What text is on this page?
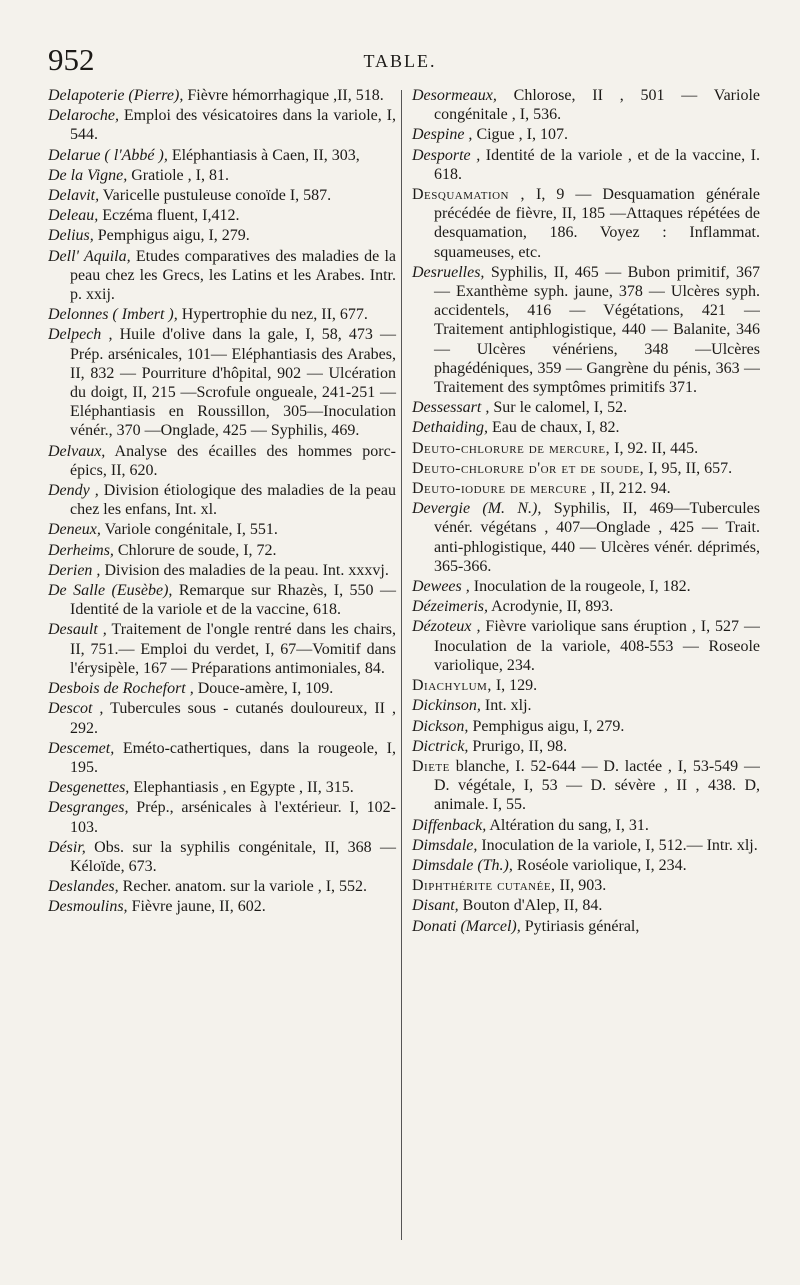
952	TABLE.

Delapoterie (Pierre), Fièvre hémorrhagique ,II, 518.

Delaroche, Emploi des vésicatoires dans la variole, I, 544.

Delarue ( l'Abbé ), Eléphantiasis à Caen, II, 303,

De la Vigne, Gratiole , I, 81.

Delavit, Varicelle pustuleuse conoïde I, 587.

Deleau, Eczéma fluent, I,412.

Delius, Pemphigus aigu, I, 279.

Dell' Aquila, Etudes comparatives des maladies de la peau chez les Grecs, les Latins et les Arabes. Intr. p. xxij.

Delonnes ( Imbert ), Hypertrophie du nez, II, 677.

Delpech , Huile d'olive dans la gale, I, 58, 473 — Prép. arsénicales, 101— Eléphantiasis des Arabes, II, 832 — Pourriture d'hôpital, 902 — Ulcération du doigt, II, 215 —Scrofule ongueale, 241-251 — Eléphantiasis en Roussillon, 305—Inoculation vénér., 370 —Onglade, 425 — Syphilis, 469.

Delvaux, Analyse des écailles des hommes porc-épics, II, 620.

Dendy , Division étiologique des maladies de la peau chez les enfans, Int. xl.

Deneux, Variole congénitale, I, 551.

Derheims, Chlorure de soude, I, 72.

Derien , Division des maladies de la peau. Int. xxxvj.

De Salle (Eusèbe), Remarque sur Rhazès, I, 550 — Identité de la variole et de la vaccine, 618.

Desault , Traitement de l'ongle rentré dans les chairs, II, 751.— Emploi du verdet, I, 67—Vomitif dans l'érysipèle, 167 — Préparations antimoniales, 84.

Desbois de Rochefort , Douce-amère, I, 109.

Descot , Tubercules sous - cutanés douloureux, II , 292.

Descemet, Eméto-cathertiques, dans la rougeole, I, 195.

Desgenettes, Elephantiasis , en Egypte , II, 315.

Desgranges, Prép., arsénicales à l'extérieur. I, 102-103.

Désir, Obs. sur la syphilis congénitale, II, 368 — Kéloïde, 673.

Deslandes, Recher. anatom. sur la variole , I, 552.

Desmoulins, Fièvre jaune, II, 602.

Desormeaux, Chlorose, II , 501 — Variole congénitale , I, 536.

Despine , Cigue , I, 107.

Desporte , Identité de la variole , et de la vaccine, I. 618.

Desquamation , I, 9 — Desquamation générale précédée de fièvre, II, 185 —Attaques répétées de desquamation, 186. Voyez : Inflammat. squameuses, etc.

Desruelles, Syphilis, II, 465 — Bubon primitif, 367 — Exanthème syph. jaune, 378 — Ulcères syph. accidentels, 416 — Végétations, 421 — Traitement antiphlogistique, 440 — Balanite, 346 — Ulcères vénériens, 348 —Ulcères phagédéniques, 359 — Gangrène du pénis, 363 — Traitement des symptômes primitifs 371.

Dessessart , Sur le calomel, I, 52.

Dethaiding, Eau de chaux, I, 82.

Deuto-chlorure de mercure, I, 92. II, 445.

Deuto-chlorure d'or et de soude, I, 95, II, 657.

Deuto-iodure de mercure , II, 212. 94.

Devergie (M. N.), Syphilis, II, 469—Tubercules vénér. végétans , 407—Onglade , 425 — Trait. anti-phlogistique, 440 — Ulcères vénér. déprimés, 365-366.

Dewees , Inoculation de la rougeole, I, 182.

Dézeimeris, Acrodynie, II, 893.

Dézoteux , Fièvre variolique sans éruption , I, 527 — Inoculation de la variole, 408-553 — Roseole variolique, 234.

Diachylum, I, 129.

Dickinson, Int. xlj.

Dickson, Pemphigus aigu, I, 279.

Dictrick, Prurigo, II, 98.

Diete blanche, I. 52-644 — D. lactée , I, 53-549 — D. végétale, I, 53 — D. sévère , II , 438. D, animale. I, 55.

Diffenback, Altération du sang, I, 31.

Dimsdale, Inoculation de la variole, I, 512.— Intr. xlj.

Dimsdale (Th.), Roséole variolique, I, 234.

Diphthérite cutanée, II, 903.

Disant, Bouton d'Alep, II, 84.

Donati (Marcel), Pytiriasis général,
